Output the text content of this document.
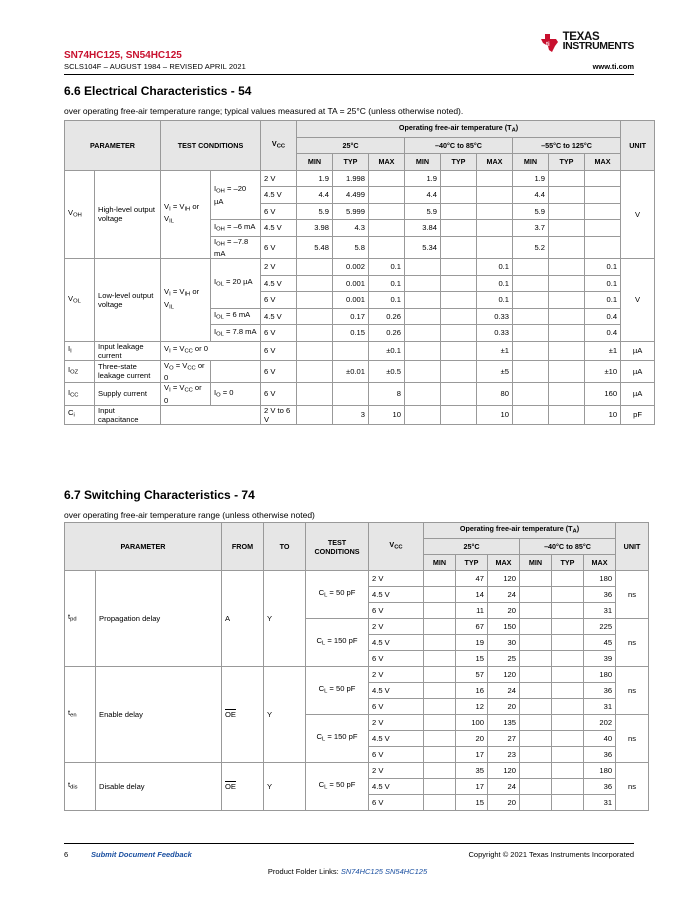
SN74HC125, SN54HC125
SCLS104F – AUGUST 1984 – REVISED APRIL 2021	www.ti.com
ti
TEXAS
INSTRUMENTS
6.6 Electrical Characteristics - 54
over operating free-air temperature range; typical values measured at TA = 25°C (unless otherwise noted).
PARAMETER		TEST CONDITIONS		$V_{CC}$	Operating free-air temperature $(T_A)$									UNIT
					25°C			–40°C to 85°C			–55°C to 125°C			
					MIN	TYP	MAX	MIN	TYP	MAX	MIN	TYP	MAX	
$V_{OH}$	High-level output voltage	$V_I = V_{IH}$ or $V_{IL}$	$I_{OH} = -20$ µA	2 V	1.9	1.998		1.9			1.9			V
				4.5 V	4.4	4.499		4.4			4.4			
				6 V	5.9	5.999		5.9			5.9			
			$I_{OH} = -6$ mA	4.5 V	3.98	4.3		3.84			3.7			
			$I_{OH} = -7.8$ mA	6 V	5.48	5.8		5.34			5.2			
$V_{OL}$	Low-level output voltage	$V_I = V_{IH}$ or $V_{IL}$	$I_{OL} = 20$ µA	2 V		0.002	0.1			0.1			0.1	V
				4.5 V		0.001	0.1			0.1			0.1	
				6 V		0.001	0.1			0.1			0.1	
			$I_{OL} = 6$ mA	4.5 V		0.17	0.26			0.33			0.4	
			$I_{OL} = 7.8$ mA	6 V		0.15	0.26			0.33			0.4	
$I_I$	Input leakage current	$V_I = V_{CC}$ or 0		6 V			±0.1			±1			±1	µA
$I_{OZ}$	Three-state leakage current	$V_O = V_{CC}$ or 0		6 V		±0.01	±0.5			±5			±10	µA
$I_{CC}$	Supply current	$V_I = V_{CC}$ or 0	$I_O = 0$	6 V			8			80			160	µA
$C_i$	Input capacitance			2 V to 6 V		3	10			10			10	pF
6.7 Switching Characteristics - 74
over operating free-air temperature range (unless otherwise noted)
PARAMETER		FROM	TO	TEST CONDITIONS	$V_{CC}$	Operating free-air temperature $(T_A)$						UNIT
						25°C			–40°C to 85°C			
						MIN	TYP	MAX	MIN	TYP	MAX	
$t_{pd}$	Propagation delay	A	Y	$C_L = 50$ pF	2 V		47	120			180	ns
					4.5 V		14	24			36	
					6 V		11	20			31	
				$C_L = 150$ pF	2 V		67	150			225	ns
					4.5 V		19	30			45	
					6 V		15	25			39	
$t_{en}$	Enable delay	$\overline{OE}$	Y	$C_L = 50$ pF	2 V		57	120			180	ns
					4.5 V		16	24			36	
					6 V		12	20			31	
				$C_L = 150$ pF	2 V		100	135			202	ns
					4.5 V		20	27			40	
					6 V		17	23			36	
$t_{dis}$	Disable delay	$\overline{OE}$	Y	$C_L = 50$ pF	2 V		35	120			180	ns
					4.5 V		17	24			36	
					6 V		15	20			31	
6	Submit Document Feedback	Copyright © 2021 Texas Instruments Incorporated
Product Folder Links: SN74HC125 SN54HC125
